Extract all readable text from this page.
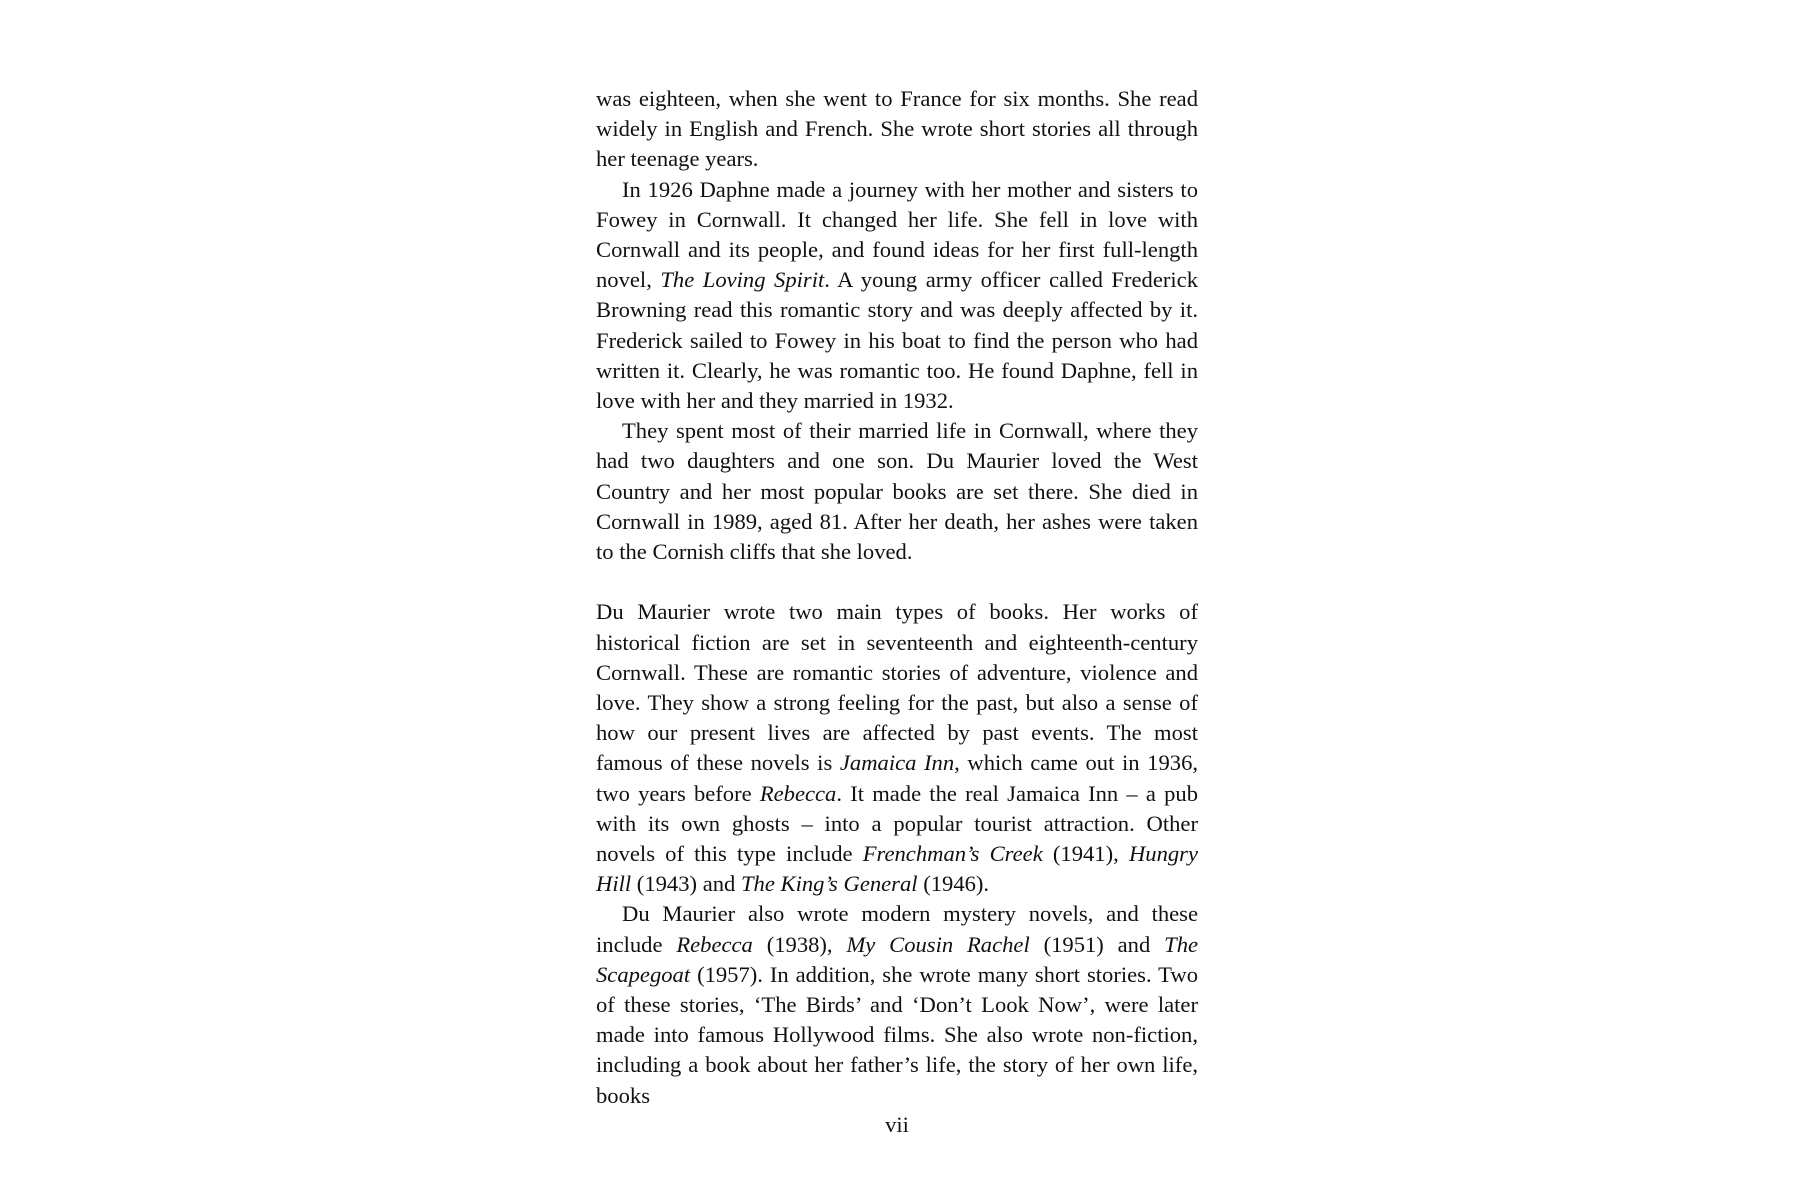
was eighteen, when she went to France for six months. She read widely in English and French. She wrote short stories all through her teenage years.

In 1926 Daphne made a journey with her mother and sisters to Fowey in Cornwall. It changed her life. She fell in love with Cornwall and its people, and found ideas for her first full-length novel, The Loving Spirit. A young army officer called Frederick Browning read this romantic story and was deeply affected by it. Frederick sailed to Fowey in his boat to find the person who had written it. Clearly, he was romantic too. He found Daphne, fell in love with her and they married in 1932.

They spent most of their married life in Cornwall, where they had two daughters and one son. Du Maurier loved the West Country and her most popular books are set there. She died in Cornwall in 1989, aged 81. After her death, her ashes were taken to the Cornish cliffs that she loved.

Du Maurier wrote two main types of books. Her works of historical fiction are set in seventeenth and eighteenth-century Cornwall. These are romantic stories of adventure, violence and love. They show a strong feeling for the past, but also a sense of how our present lives are affected by past events. The most famous of these novels is Jamaica Inn, which came out in 1936, two years before Rebecca. It made the real Jamaica Inn – a pub with its own ghosts – into a popular tourist attraction. Other novels of this type include Frenchman’s Creek (1941), Hungry Hill (1943) and The King’s General (1946).

Du Maurier also wrote modern mystery novels, and these include Rebecca (1938), My Cousin Rachel (1951) and The Scapegoat (1957). In addition, she wrote many short stories. Two of these stories, ‘The Birds’ and ‘Don’t Look Now’, were later made into famous Hollywood films. She also wrote non-fiction, including a book about her father’s life, the story of her own life, books

vii
